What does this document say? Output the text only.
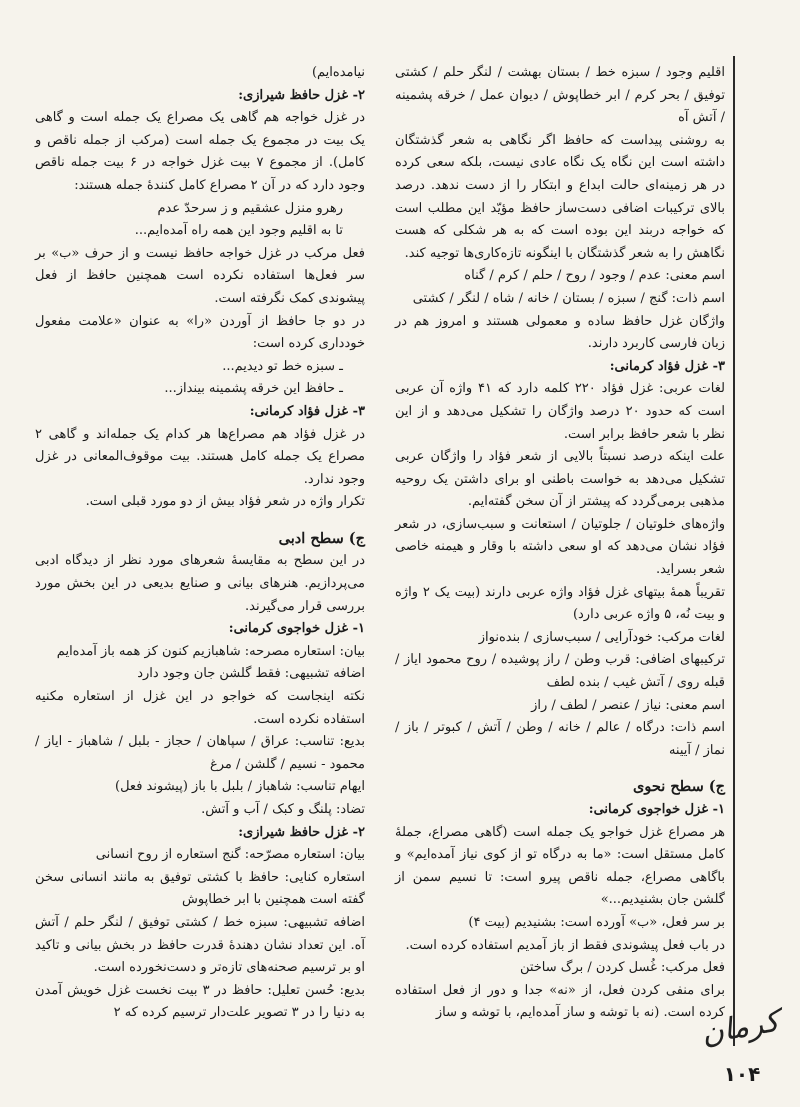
اقلیم وجود / سبزه خط / بستان بهشت / لنگر حلم / کشتی توفیق / بحر کرم / ابر خطاپوش / دیوان عمل / خرقه پشمینه / آتش آه

به روشنی پیداست که حافظ اگر نگاهی به شعر گذشتگان داشته است این نگاه یک نگاه عادی نیست، بلکه سعی کرده در هر زمینه‌ای حالت ابداع و ابتکار را از دست ندهد. درصد بالای ترکیبات اضافی دست‌ساز حافظ مؤیّد این مطلب است که خواجه دربند این بوده است که به هر شکلی که هست نگاهش را به شعر گذشتگان با اینگونه تازه‌کاری‌ها توجیه کند.

اسم معنی: عدم / وجود / روح / حلم / کرم / گناه

اسم ذات: گنج / سبزه / بستان / خانه / شاه / لنگر / کشتی

واژگان غزل حافظ ساده و معمولی هستند و امروز هم در زبان فارسی کاربرد دارند.

۳- غزل فؤاد کرمانی:

لغات عربی: غزل فؤاد ۲۲۰ کلمه دارد که ۴۱ واژه آن عربی است که حدود ۲۰ درصد واژگان را تشکیل می‌دهد و از این نظر با شعر حافظ برابر است.

علت اینکه درصد نسبتاً بالایی از شعر فؤاد را واژگان عربی تشکیل می‌دهد به خواست باطنی او برای داشتن یک روحیه مذهبی برمی‌گردد که پیشتر از آن سخن گفته‌ایم.

واژه‌های خلوتیان / جلوتیان / استعانت و سبب‌سازی، در شعر فؤاد نشان می‌دهد که او سعی داشته با وقار و هیمنه خاصی شعر بسراید.

تقریباً همهٔ بیتهای غزل فؤاد واژه عربی دارند (بیت یک ۲ واژه و بیت نُه، ۵ واژه عربی دارد)

لغات مرکب: خودآرایی / سبب‌سازی / بنده‌نواز

ترکیبهای اضافی: قرب وطن / راز پوشیده / روح محمود ایاز / قبله روی / آتش غیب / بنده لطف

اسم معنی: نیاز / عنصر / لطف / راز

اسم ذات: درگاه / عالم / خانه / وطن / آتش / کبوتر / باز / نماز / آیینه

ج) سطح نحوی

۱- غزل خواجوی کرمانی:

هر مصراع غزل خواجو یک جمله است (گاهی مصراع، جملهٔ کامل مستقل است: «ما به درگاه تو از کوی نیاز آمده‌ایم» و باگاهی مصراع، جمله ناقص پیرو است: تا نسیم سمن از گلشن جان بشنیدیم...»

بر سر فعل، «ب» آورده است: بشنیدیم (بیت ۴)

در باب فعل پیشوندی فقط از باز آمدیم استفاده کرده است.

فعل مرکب: غُسل کردن / برگ ساختن

برای منفی کردن فعل، از «نه» جدا و دور از فعل استفاده کرده است. (نه با توشه و ساز آمده‌ایم، با توشه و ساز

نیامده‌ایم)

۲- غزل حافظ شیرازی:

در غزل خواجه هم گاهی یک مصراع یک جمله است و گاهی یک بیت در مجموع یک جمله است (مرکب از جمله ناقص و کامل). از مجموع ۷ بیت غزل خواجه در ۶ بیت جمله ناقص وجود دارد که در آن ۲ مصراع کامل کنندهٔ جمله هستند:

رهرو منزل عشقیم و ز سرحدّ عدم

تا به اقلیم وجود این همه راه آمده‌ایم...

فعل مرکب در غزل خواجه حافظ نیست و از حرف «ب» بر سر فعل‌ها استفاده نکرده است همچنین حافظ از فعل پیشوندی کمک نگرفته است.

در دو جا حافظ از آوردن «را» به عنوان «علامت مفعول خودداری کرده است:

ـ سبزه خط تو دیدیم...

ـ حافظ این خرقه پشمینه بینداز...

۳- غزل فؤاد کرمانی:

در غزل فؤاد هم مصراع‌ها هر کدام یک جمله‌اند و گاهی ۲ مصراع یک جمله کامل هستند. بیت موقوف‌المعانی در غزل وجود ندارد.

تکرار واژه در شعر فؤاد بیش از دو مورد قبلی است.

ج) سطح ادبی

در این سطح به مقایسهٔ شعرهای مورد نظر از دیدگاه ادبی می‌پردازیم. هنرهای بیانی و صنایع بدیعی در این بخش مورد بررسی قرار می‌گیرند.

۱- غزل خواجوی کرمانی:

بیان: استعاره مصرحه: شاهبازیم کنون کز همه باز آمده‌ایم

اضافه تشبیهی: فقط گلشن جان وجود دارد

نکته اینجاست که خواجو در این غزل از استعاره مکنیه استفاده نکرده است.

بدیع: تناسب: عراق / سپاهان / حجاز - بلبل / شاهباز - ایاز / محمود - نسیم / گلشن / مرغ

ایهام تناسب: شاهباز / بلبل با باز (پیشوند فعل)

تضاد: پلنگ و کبک / آب و آتش.

۲- غزل حافظ شیرازی:

بیان: استعاره مصرّحه: گنج استعاره از روح انسانی

استعاره کنایی: حافظ با کشتی توفیق به مانند انسانی سخن گفته است همچنین با ابر خطاپوش

اضافه تشبیهی: سبزه خط / کشتی توفیق / لنگر حلم / آتش آه. این تعداد نشان دهندهٔ قدرت حافظ در بخش بیانی و تاکید او بر ترسیم صحنه‌های تازه‌تر و دست‌نخورده است.

بدیع: حُسن تعلیل: حافظ در ۳ بیت نخست غزل خویش آمدن به دنیا را در ۳ تصویر علت‌دار ترسیم کرده که ۲	کرمان
۱۰۴
